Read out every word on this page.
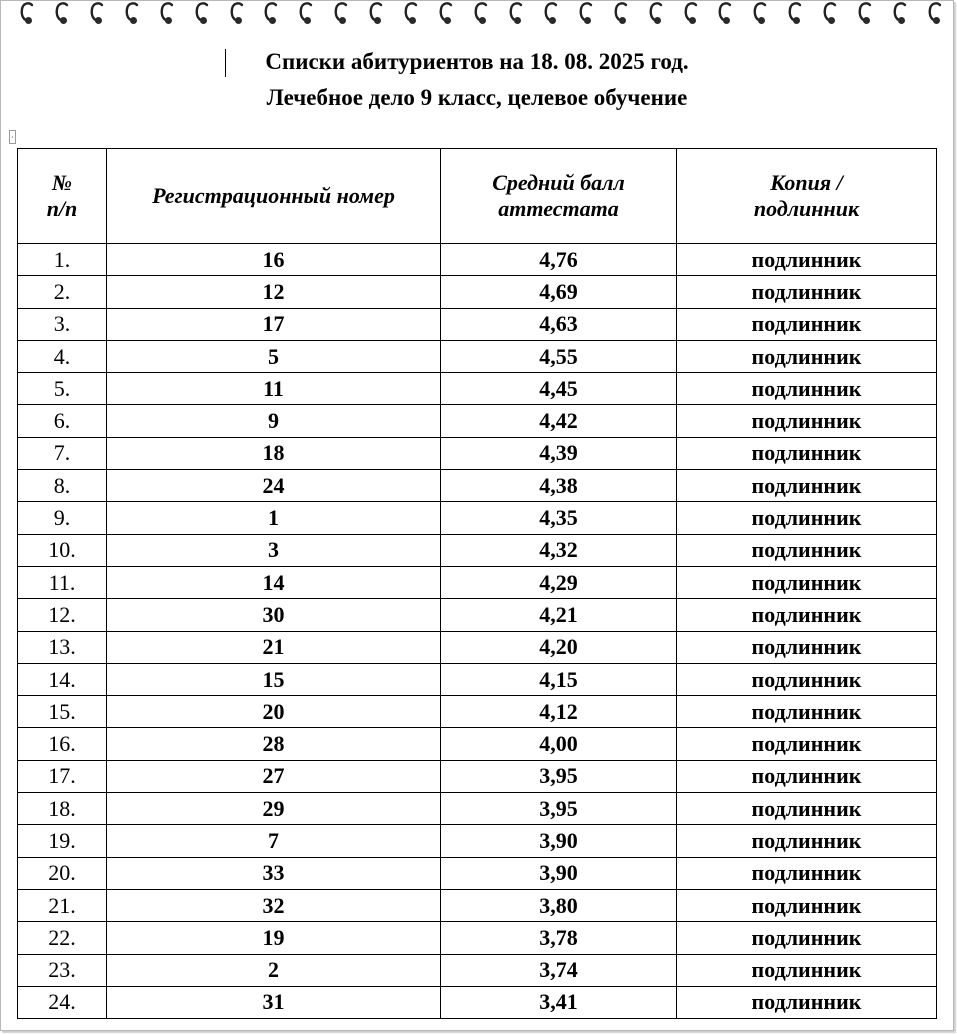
Списки абитуриентов на 18. 08. 2025 год.
Лечебное дело 9 класс, целевое обучение
·
№ п/п	Регистрационный номер	Средний балл аттестата	Копия / подлинник
1.	16	4,76	подлинник
2.	12	4,69	подлинник
3.	17	4,63	подлинник
4.	5	4,55	подлинник
5.	11	4,45	подлинник
6.	9	4,42	подлинник
7.	18	4,39	подлинник
8.	24	4,38	подлинник
9.	1	4,35	подлинник
10.	3	4,32	подлинник
11.	14	4,29	подлинник
12.	30	4,21	подлинник
13.	21	4,20	подлинник
14.	15	4,15	подлинник
15.	20	4,12	подлинник
16.	28	4,00	подлинник
17.	27	3,95	подлинник
18.	29	3,95	подлинник
19.	7	3,90	подлинник
20.	33	3,90	подлинник
21.	32	3,80	подлинник
22.	19	3,78	подлинник
23.	2	3,74	подлинник
24.	31	3,41	подлинник
